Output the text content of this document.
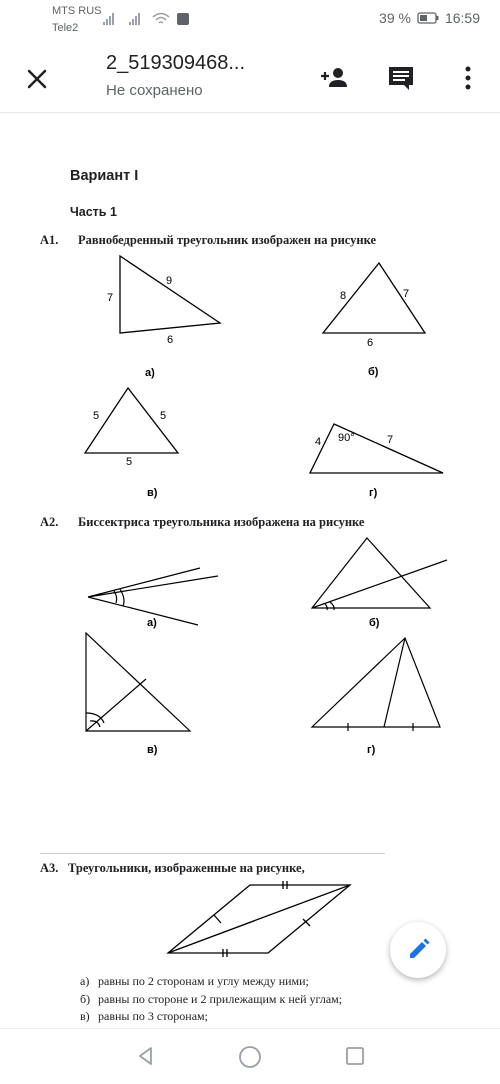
MTS RUS
Tele2
39 % 16:59
2_519309468...
Не сохранено
Вариант I
Часть 1
А1. Равнобедренный треугольник изображен на рисунке
9
7
6
а)
8	7
6
б)
5	5
5
в)
4 90°	7
г)
А2. Биссектриса треугольника изображена на рисунке
а)	б)
в)	г)
А3. Треугольники, изображенные на рисунке,
а) равны по 2 сторонам и углу между ними;
б) равны по стороне и 2 прилежащим к ней углам;
в) равны по 3 сторонам;
